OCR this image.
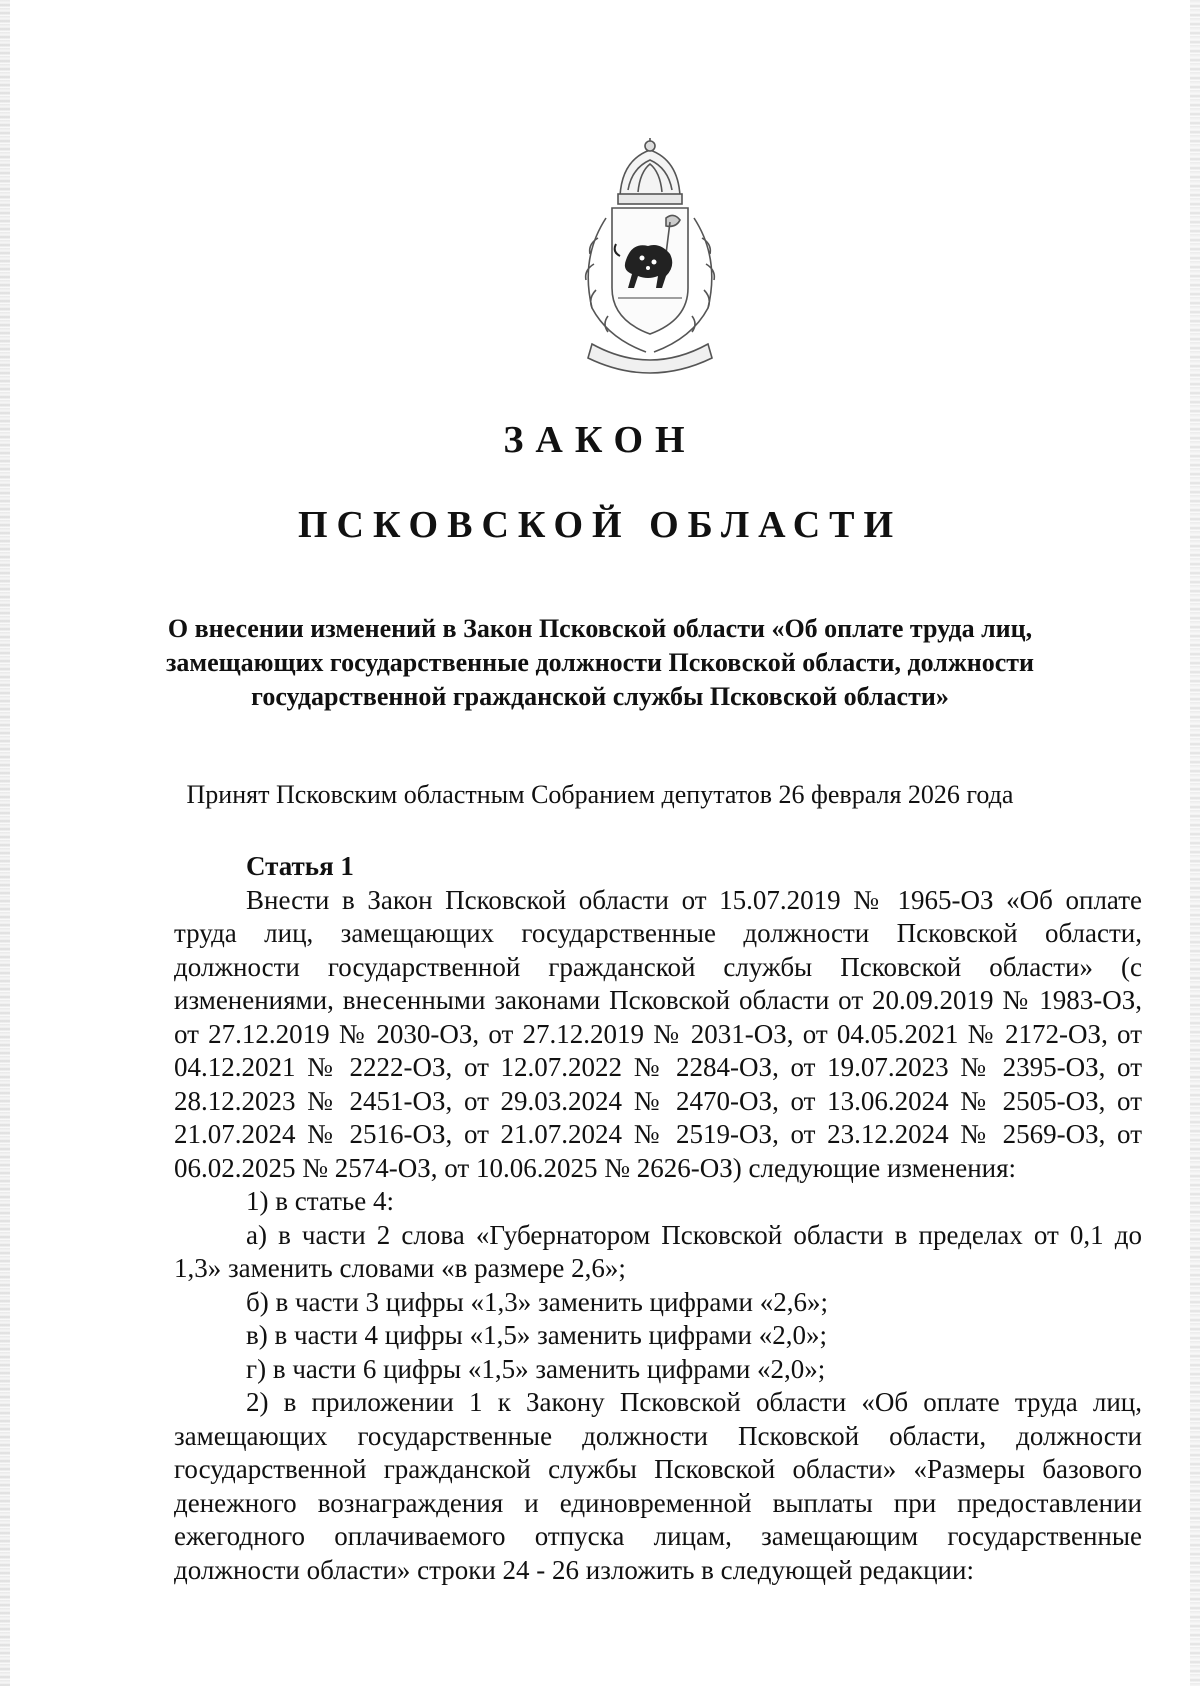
ЗАКОН
ПСКОВСКОЙ ОБЛАСТИ
О внесении изменений в Закон Псковской области «Об оплате труда лиц,
замещающих государственные должности Псковской области, должности
государственной гражданской службы Псковской области»

Принят Псковским областным Собранием депутатов 26 февраля 2026 года

Статья 1

Внести в Закон Псковской области от 15.07.2019 № 1965-ОЗ «Об оплате труда лиц, замещающих государственные должности Псковской области, должности государственной гражданской службы Псковской области» (с изменениями, внесенными законами Псковской области от 20.09.2019 № 1983-ОЗ, от 27.12.2019 № 2030-ОЗ, от 27.12.2019 № 2031-ОЗ, от 04.05.2021 № 2172-ОЗ, от 04.12.2021 № 2222-ОЗ, от 12.07.2022 № 2284-ОЗ, от 19.07.2023 № 2395-ОЗ, от 28.12.2023 № 2451-ОЗ, от 29.03.2024 № 2470-ОЗ, от 13.06.2024 № 2505-ОЗ, от 21.07.2024 № 2516-ОЗ, от 21.07.2024 № 2519-ОЗ, от 23.12.2024 № 2569-ОЗ, от 06.02.2025 № 2574-ОЗ, от 10.06.2025 № 2626-ОЗ) следующие изменения:

1) в статье 4:

а) в части 2 слова «Губернатором Псковской области в пределах от 0,1 до 1,3» заменить словами «в размере 2,6»;

б) в части 3 цифры «1,3» заменить цифрами «2,6»;

в) в части 4 цифры «1,5» заменить цифрами «2,0»;

г) в части 6 цифры «1,5» заменить цифрами «2,0»;

2) в приложении 1 к Закону Псковской области «Об оплате труда лиц, замещающих государственные должности Псковской области, должности государственной гражданской службы Псковской области» «Размеры базового денежного вознаграждения и единовременной выплаты при предоставлении ежегодного оплачиваемого отпуска лицам, замещающим государственные должности области» строки 24 - 26 изложить в следующей редакции:
